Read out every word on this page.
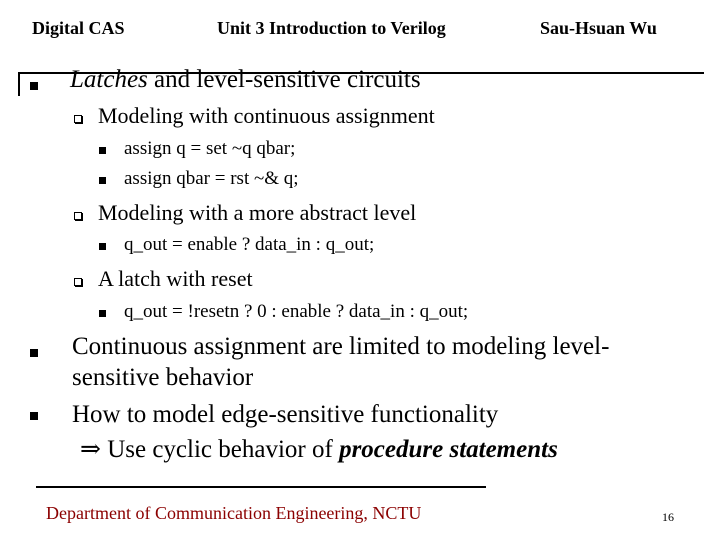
Digital CAS	Unit 3 Introduction to Verilog	Sau-Hsuan Wu
Latches and level-sensitive circuits
Modeling with continuous assignment
assign q = set ~q qbar;
assign qbar = rst ~& q;
Modeling with a more abstract level
q_out = enable ? data_in : q_out;
A latch with reset
q_out = !resetn ? 0 : enable ? data_in : q_out;
Continuous assignment are limited to modeling level-
sensitive behavior
How to model edge-sensitive functionality
⇒ Use cyclic behavior of procedure statements
Department of Communication Engineering, NCTU	16
